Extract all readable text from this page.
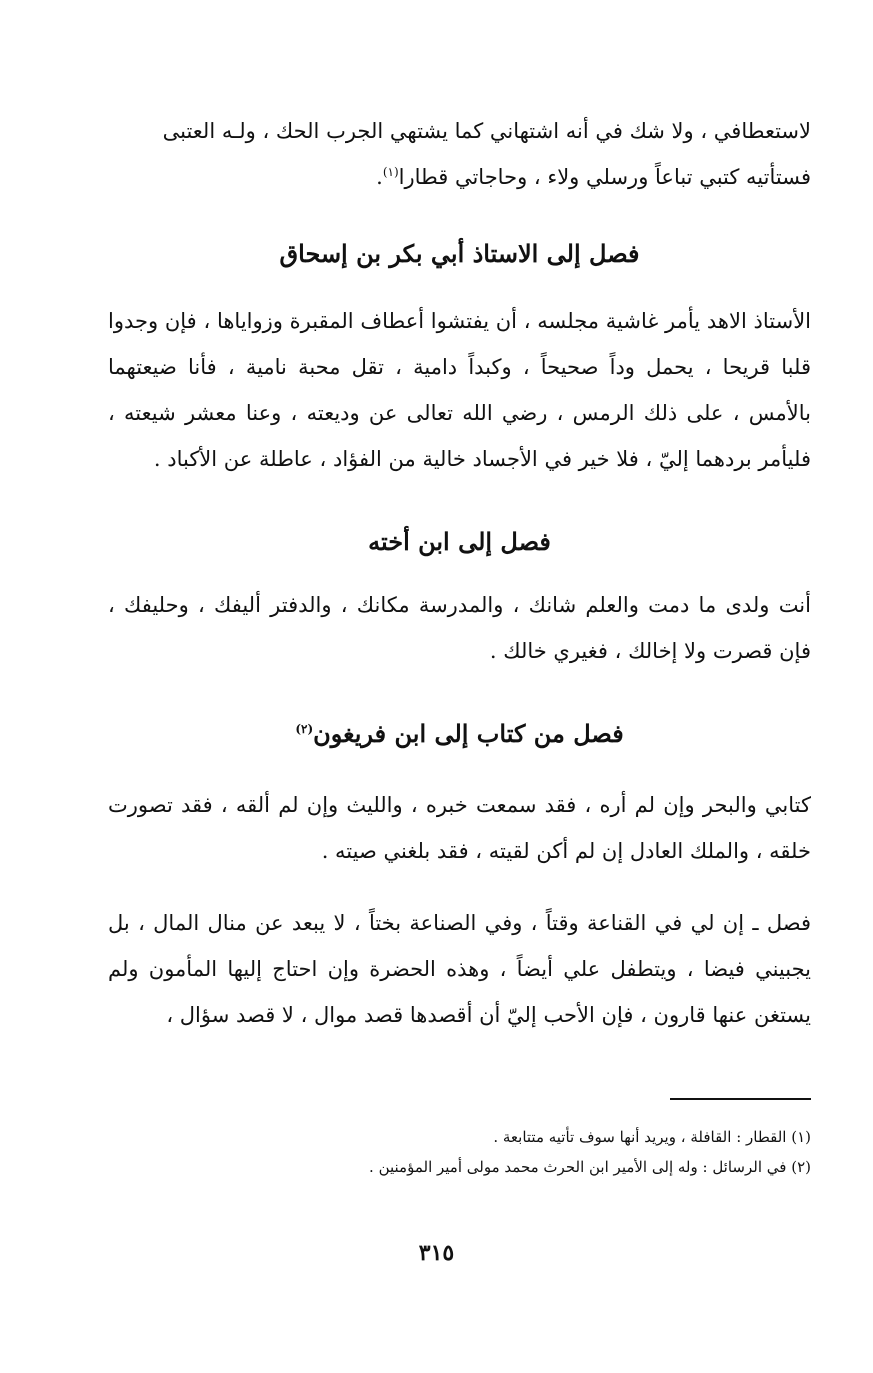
لاستعطافي ، ولا شك في أنه اشتهاني كما يشتهي الجرب الحك ، ولـه العتبى
فستأتيه كتبي تباعاً ورسلي ولاء ، وحاجاتي قطارا$^{(١)}$.

فصل إلى الاستاذ أبي بكر بن إسحاق

الأستاذ الاهد يأمر غاشية مجلسه ، أن يفتشوا أعطاف المقبرة وزواياها ، فإن وجدوا قلبا قريحا ، يحمل وداً صحيحاً ، وكبداً دامية ، تقل محبة نامية ، فأنا ضيعتهما بالأمس ، على ذلك الرمس ، رضي الله تعالى عن وديعته ، وعنا معشر شيعته ، فليأمر بردهما إليّ ، فلا خير في الأجساد خالية من الفؤاد ، عاطلة عن الأكباد .

فصل إلى ابن أخته

أنت ولدى ما دمت والعلم شانك ، والمدرسة مكانك ، والدفتر أليفك ، وحليفك ، فإن قصرت ولا إخالك ، فغيري خالك .

فصل من كتاب إلى ابن فريغون$^{(٢)}$

كتابي والبحر وإن لم أره ، فقد سمعت خبره ، والليث وإن لم ألقه ، فقد تصورت خلقه ، والملك العادل إن لم أكن لقيته ، فقد بلغني صيته .

فصل ـ إن لي في القناعة وقتاً ، وفي الصناعة بختاً ، لا يبعد عن منال المال ، بل يجبيني فيضا ، ويتطفل علي أيضاً ، وهذه الحضرة وإن احتاج إليها المأمون ولم يستغن عنها قارون ، فإن الأحب إليّ أن أقصدها قصد موال ، لا قصد سؤال ،

(١) القطار : القافلة ، ويريد أنها سوف تأتيه متتابعة .

(٢) في الرسائل : وله إلى الأمير ابن الحرث محمد مولى أمير المؤمنين .

٣١٥
